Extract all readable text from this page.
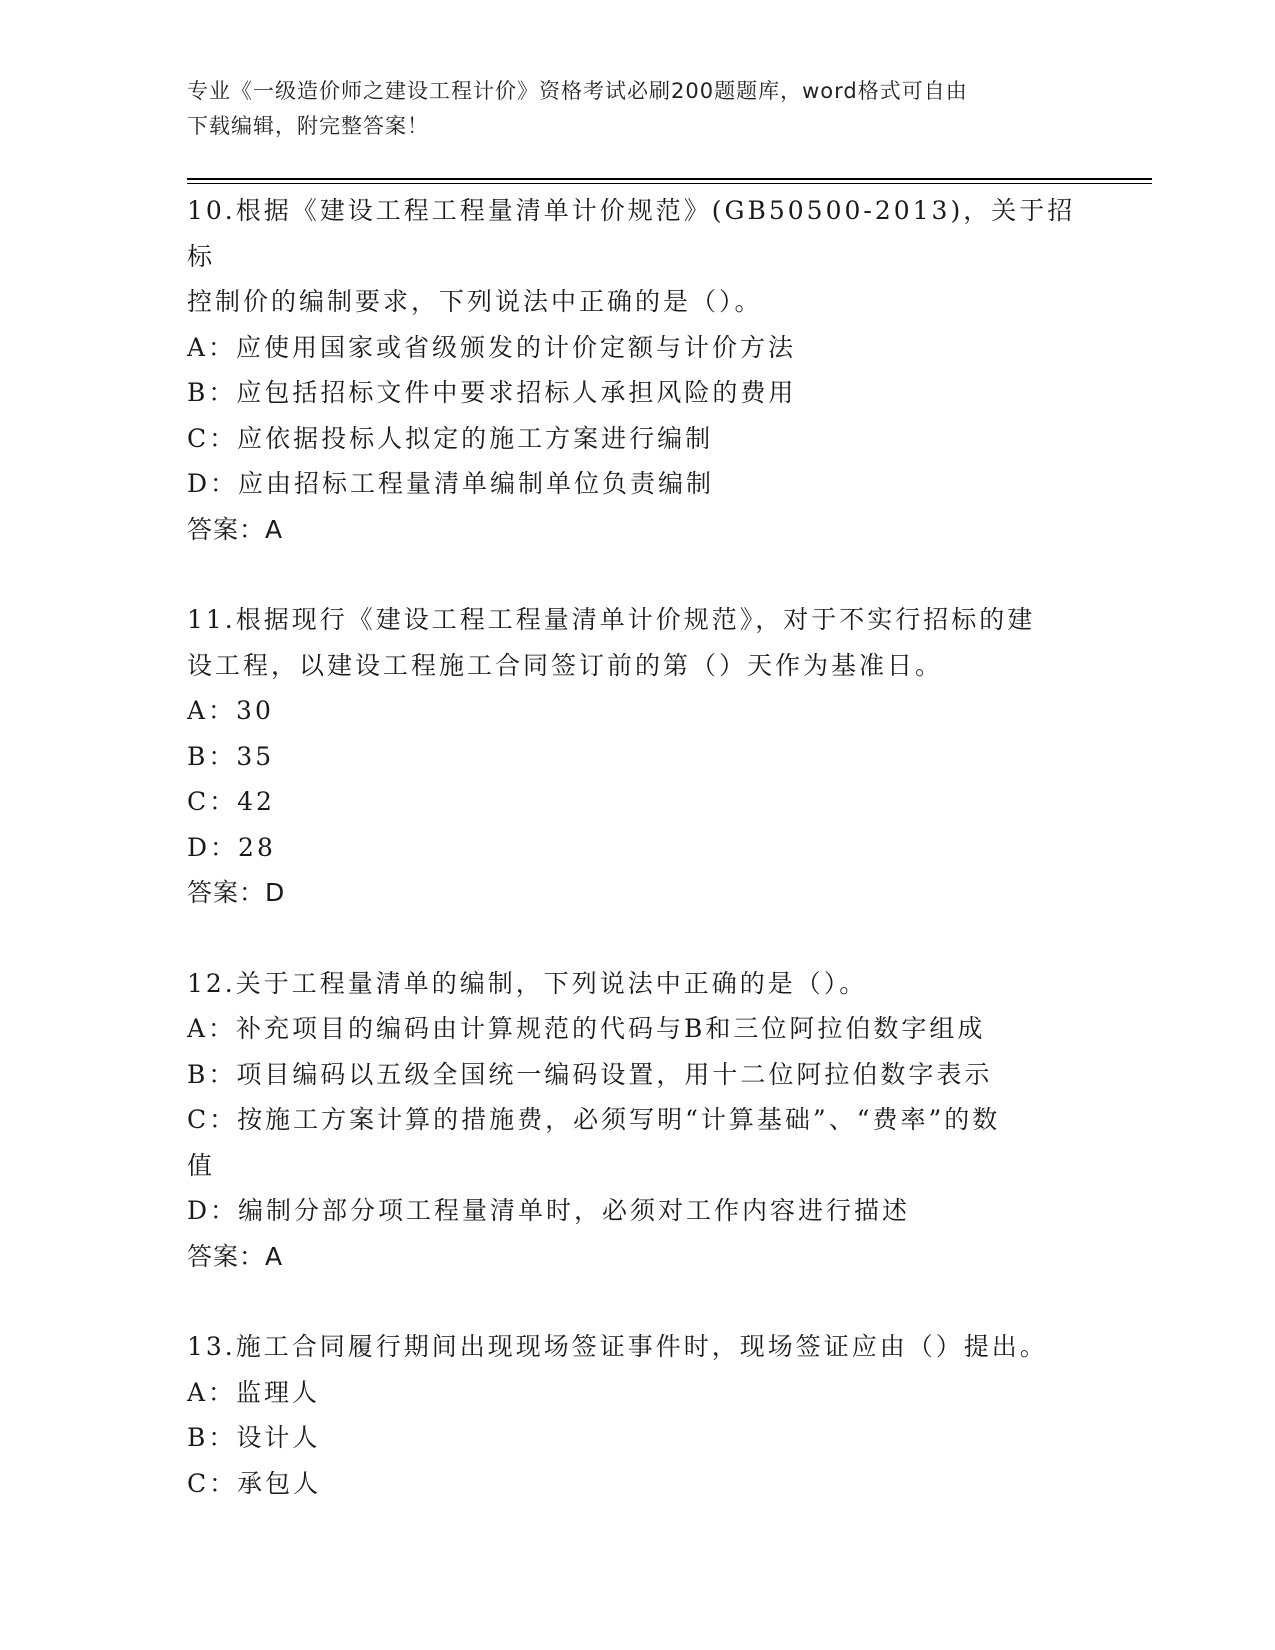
专业《一级造价师之建设工程计价》资格考试必刷200题题库，word格式可自由
下载编辑，附完整答案！
10.根据《建设工程工程量清单计价规范》(GB50500-2013)，关于招标
控制价的编制要求，下列说法中正确的是（）。
A：应使用国家或省级颁发的计价定额与计价方法
B：应包括招标文件中要求招标人承担风险的费用
C：应依据投标人拟定的施工方案进行编制
D：应由招标工程量清单编制单位负责编制
答案：A
11.根据现行《建设工程工程量清单计价规范》，对于不实行招标的建
设工程，以建设工程施工合同签订前的第（）天作为基准日。
A：30
B：35
C：42
D：28
答案：D
12.关于工程量清单的编制，下列说法中正确的是（）。
A：补充项目的编码由计算规范的代码与B和三位阿拉伯数字组成
B：项目编码以五级全国统一编码设置，用十二位阿拉伯数字表示
C：按施工方案计算的措施费，必须写明“计算基础”、“费率”的数
值
D：编制分部分项工程量清单时，必须对工作内容进行描述
答案：A
13.施工合同履行期间出现现场签证事件时，现场签证应由（）提出。
A：监理人
B：设计人
C：承包人
